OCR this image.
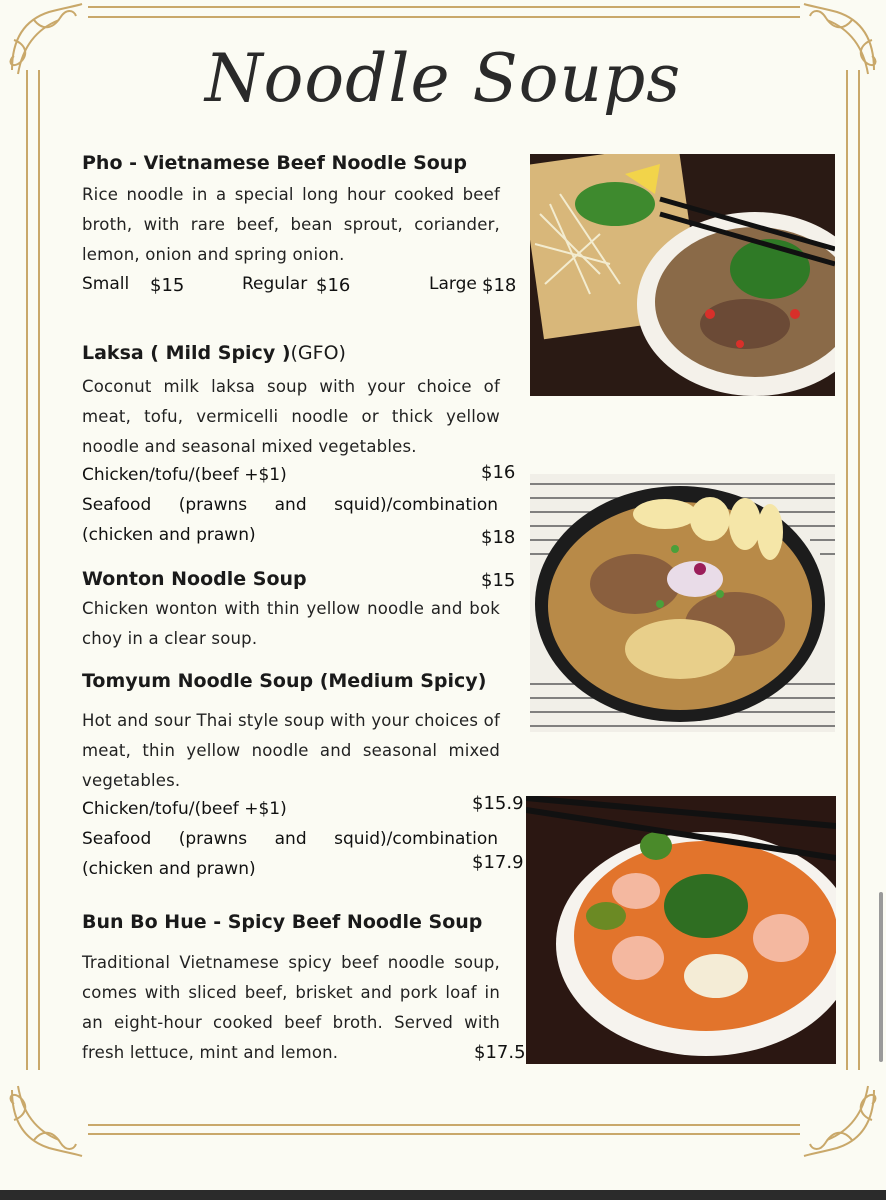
Noodle Soups
Pho - Vietnamese Beef Noodle Soup
Rice noodle in a special long hour cooked beef broth, with rare beef, bean sprout, coriander, lemon, onion and spring onion.
Small $15	Regular $16	Large $18
Laksa ( Mild Spicy )(GFO)
Coconut milk laksa soup with your choice of meat, tofu, vermicelli noodle or thick yellow noodle and seasonal mixed vegetables.
Chicken/tofu/(beef +$1)	$16
Seafood (prawns and squid)/combination
(chicken and prawn)	$18
Wonton Noodle Soup	$15
Chicken wonton with thin yellow noodle and bok choy in a clear soup.
Tomyum Noodle Soup (Medium Spicy)
Hot and sour Thai style soup with your choices of meat, thin yellow noodle and seasonal mixed vegetables.
Chicken/tofu/(beef +$1)	$15.9
Seafood (prawns and squid)/combination
(chicken and prawn)	$17.9
Bun Bo Hue - Spicy Beef Noodle Soup
Traditional Vietnamese spicy beef noodle soup, comes with sliced beef, brisket and pork loaf in an eight-hour cooked beef broth. Served with fresh lettuce, mint and lemon.	$17.5
